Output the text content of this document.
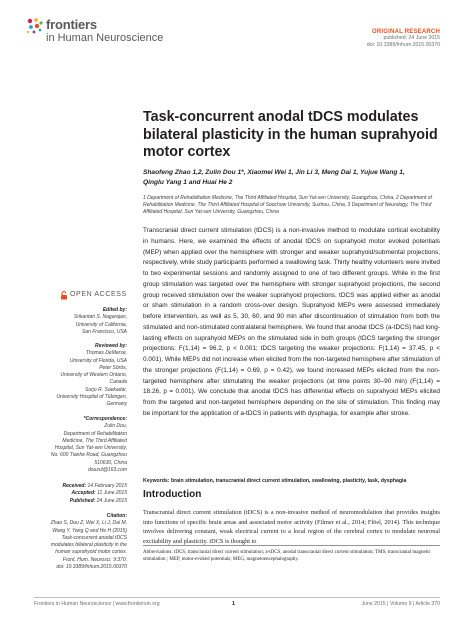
frontiers
in Human Neuroscience	ORIGINAL RESEARCH
published: 24 June 2015
doi: 10.3389/fnhum.2015.00370
Task-concurrent anodal tDCS modulates bilateral plasticity in the human suprahyoid motor cortex
Shaofeng Zhao 1,2, Zulin Dou 1*, Xiaomei Wei 1, Jin Li 3, Meng Dai 1, Yujue Wang 1,
Qinglu Yang 1 and Huai He 2
1 Department of Rehabilitation Medicine, The Third Affiliated Hospital, Sun Yat-sen University, Guangzhou, China, 2 Department of Rehabilitation Medicine, The Third Affiliated Hospital of Soochow University, Suzhou, China, 3 Department of Neurology, The Third Affiliated Hospital, Sun Yat-sen University, Guangzhou, China
Transcranial direct current stimulation (tDCS) is a non-invasive method to modulate cortical excitability in humans. Here, we examined the effects of anodal tDCS on suprahyoid motor evoked potentials (MEP) when applied over the hemisphere with stronger and weaker suprahyoid/submental projections, respectively, while study participants performed a swallowing task. Thirty healthy volunteers were invited to two experimental sessions and randomly assigned to one of two different groups. While in the first group stimulation was targeted over the hemisphere with stronger suprahyoid projections, the second group received stimulation over the weaker suprahyoid projections. tDCS was applied either as anodal or sham stimulation in a random cross-over design. Suprahyoid MEPs were assessed immediately before intervention, as well as 5, 30, 60, and 90 min after discontinuation of stimulation from both the stimulated and non-stimulated contralateral hemisphere. We found that anodal tDCS (a-tDCS) had long-lasting effects on suprahyoid MEPs on the stimulated side in both groups (tDCS targeting the stronger projections: F(1,14) = 96.2, p < 0.001; tDCS targeting the weaker projections: F(1,14) = 37.45, p < 0.001). While MEPs did not increase when elicited from the non-targeted hemisphere after stimulation of the stronger projections (F(1,14) = 0.69, p = 0.42), we found increased MEPs elicited from the non-targeted hemisphere after stimulating the weaker projections (at time points 30–90 min) (F(1,14) = 18.26, p = 0.001). We conclude that anodal tDCS has differential effects on suprahyoid MEPs elicited from the targeted and non-targeted hemisphere depending on the site of stimulation. This finding may be important for the application of a-tDCS in patients with dysphagia, for example after stroke.
Introduction
Keywords: brain stimulation, transcranial direct current stimulation, swallowing, plasticity, task, dysphagia
Transcranial direct current stimulation (tDCS) is a non-invasive method of neuromodulation that provides insights into functions of specific brain areas and associated motor activity (Filmer et al., 2014; Flöel, 2014). This technique involves delivering constant, weak electrical current to a local region of the cerebral cortex to modulate neuronal excitability and plasticity. tDCS is thought to
Abbreviations: tDCS, transcranial direct current stimulation; a-tDCS, anodal transcranial direct current stimulation; TMS, transcranial magnetic stimulation ; MEP, motor-evoked potentials; MEG, magnetoencephalography.
OPEN ACCESS
Edited by:
Srikantan S. Nagarajan,
University of California,
San Francisco, USA
Reviewed by:
Thomas DeMarse,
University of Florida, USA
Peter Sörös,
University of Western Ontario,
Canada
Surjo R. Soekadar,
University Hospital of Tübingen,
Germany
*Correspondence:
Zulin Dou,
Department of Rehabilitation
Medicine, The Third Affiliated
Hospital, Sun Yat-sen University,
No. 600 Tianhe Road, Guangzhou
510630, China
douzul@163.com
Received: 14 February 2015
Accepted: 11 June 2015
Published: 24 June 2015
Citation:
Zhao S, Dou Z, Wei X, Li J, Dai M,
Wang Y, Yang Q and He H (2015)
Task-concurrent anodal tDCS
modulates bilateral plasticity in the
human suprahyoid motor cortex.
Front. Hum. Neurosci. 9:370.
doi: 10.3389/fnhum.2015.00370
Frontiers in Human Neuroscience | www.frontiersin.org	1	June 2015 | Volume 9 | Article 370
